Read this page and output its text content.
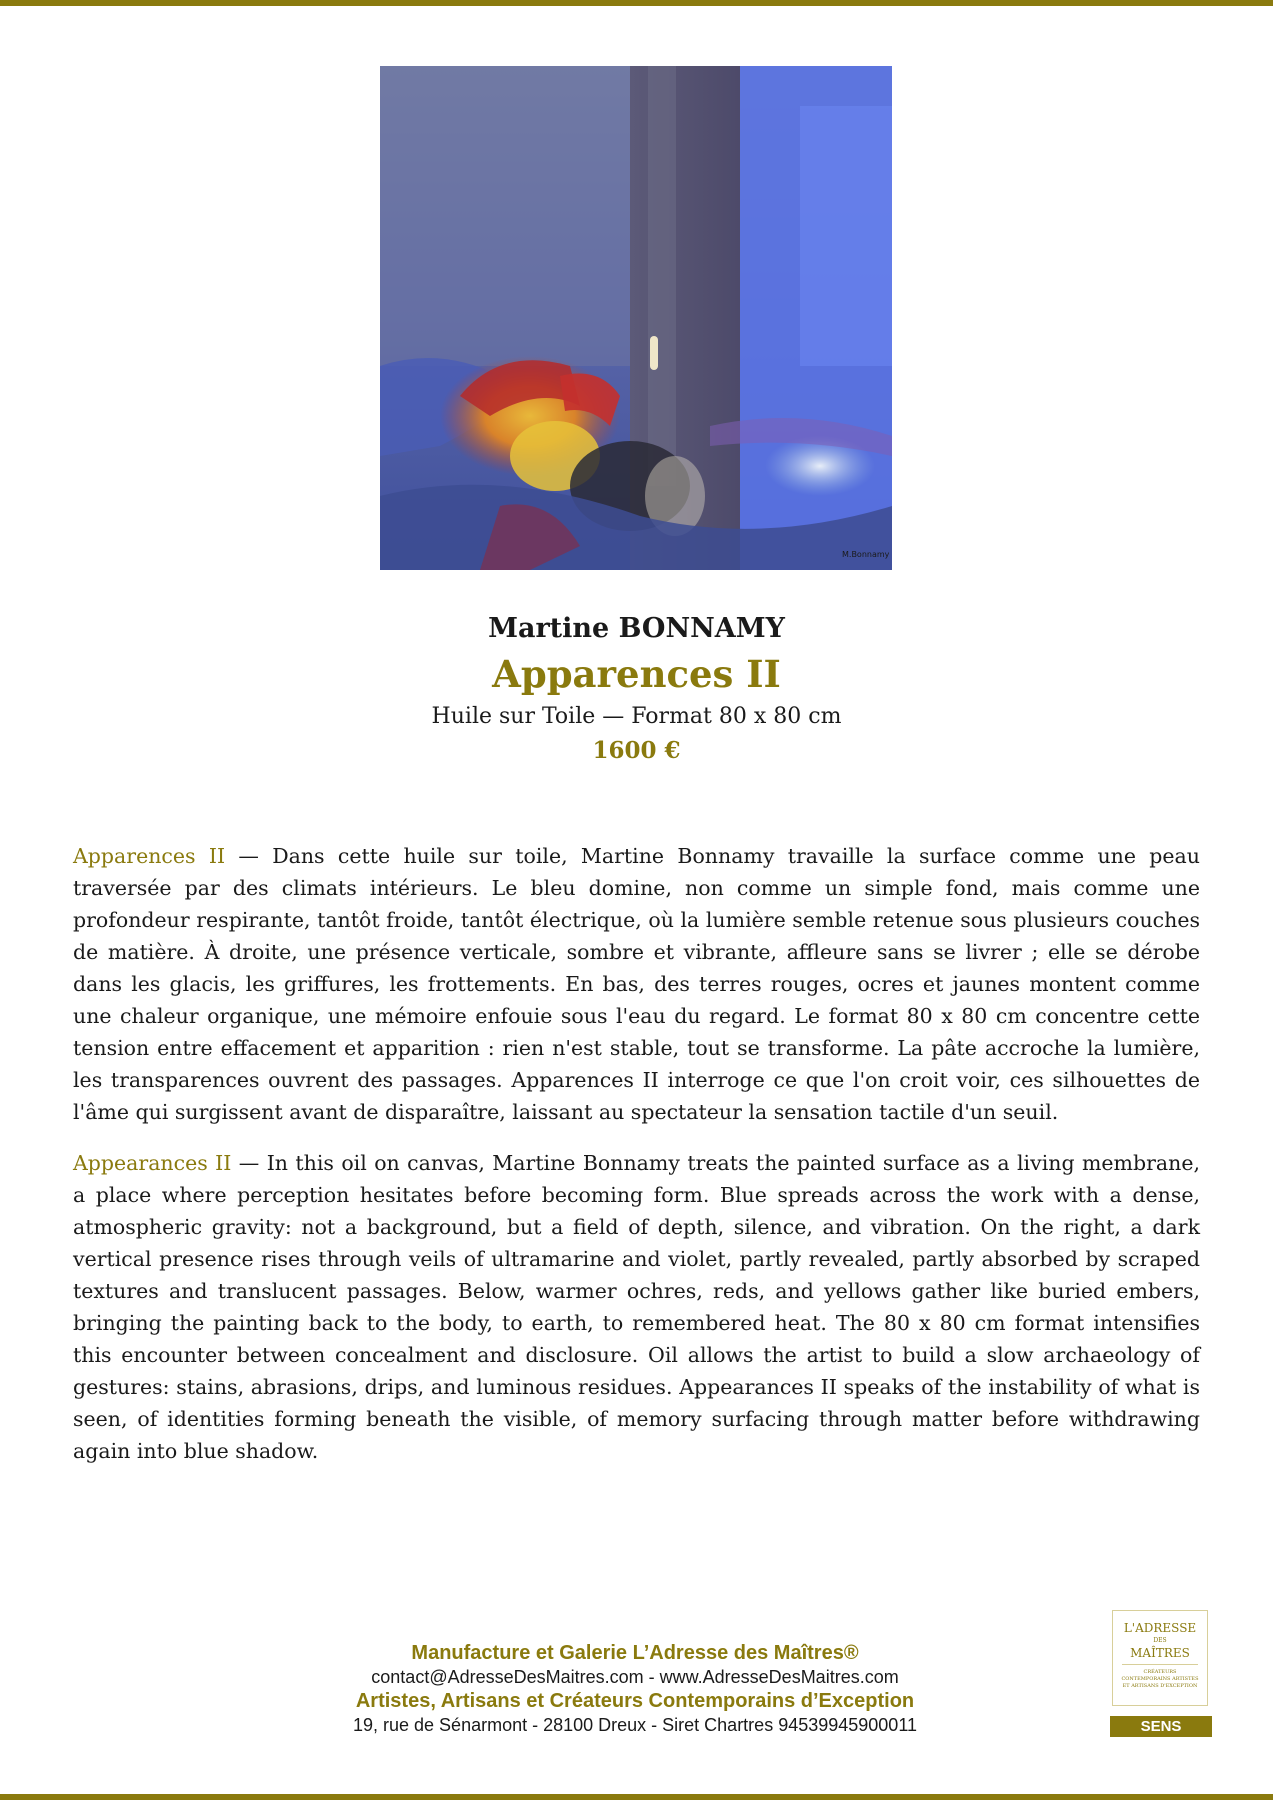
M.Bonnamy
Martine BONNAMY
Apparences II
Huile sur Toile — Format 80 x 80 cm
1600 €

Apparences II — Dans cette huile sur toile, Martine Bonnamy travaille la surface comme une peau traversée par des climats intérieurs. Le bleu domine, non comme un simple fond, mais comme une profondeur respirante, tantôt froide, tantôt électrique, où la lumière semble retenue sous plusieurs couches de matière. À droite, une présence verticale, sombre et vibrante, affleure sans se livrer ; elle se dérobe dans les glacis, les griffures, les frottements. En bas, des terres rouges, ocres et jaunes montent comme une chaleur organique, une mémoire enfouie sous l'eau du regard. Le format 80 x 80 cm concentre cette tension entre effacement et apparition : rien n'est stable, tout se transforme. La pâte accroche la lumière, les transparences ouvrent des passages. Apparences II interroge ce que l'on croit voir, ces silhouettes de l'âme qui surgissent avant de disparaître, laissant au spectateur la sensation tactile d'un seuil.

Appearances II — In this oil on canvas, Martine Bonnamy treats the painted surface as a living membrane, a place where perception hesitates before becoming form. Blue spreads across the work with a dense, atmospheric gravity: not a background, but a field of depth, silence, and vibration. On the right, a dark vertical presence rises through veils of ultramarine and violet, partly revealed, partly absorbed by scraped textures and translucent passages. Below, warmer ochres, reds, and yellows gather like buried embers, bringing the painting back to the body, to earth, to remembered heat. The 80 x 80 cm format intensifies this encounter between concealment and disclosure. Oil allows the artist to build a slow archaeology of gestures: stains, abrasions, drips, and luminous residues. Appearances II speaks of the instability of what is seen, of identities forming beneath the visible, of memory surfacing through matter before withdrawing again into blue shadow.

Manufacture et Galerie L’Adresse des Maîtres®
contact@AdresseDesMaitres.com - www.AdresseDesMaitres.com
Artistes, Artisans et Créateurs Contemporains d’Exception
19, rue de Sénarmont - 28100 Dreux - Siret Chartres 94539945900011
L'ADRESSE
DES
MAÎTRES
CRÉATEURS CONTEMPORAINS ARTISTES ET ARTISANS D'EXCEPTION
SENS
